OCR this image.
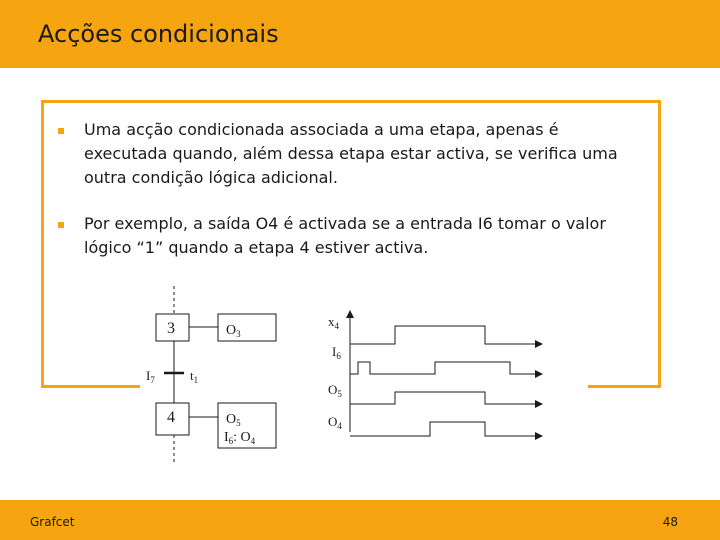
Acções condicionais
Uma acção condicionada associada a uma etapa, apenas é executada quando, além dessa etapa estar activa, se verifica uma outra condição lógica adicional.
Por exemplo, a saída O4 é activada se a entrada I6 tomar o valor lógico “1” quando a etapa 4 estiver activa.
3	$O_3$
$I_7$	$t_1$
4	$O_5$
$I_6$: $O_4$
$x_4$
$I_6$
$O_5$
$O_4$
Grafcet	48
